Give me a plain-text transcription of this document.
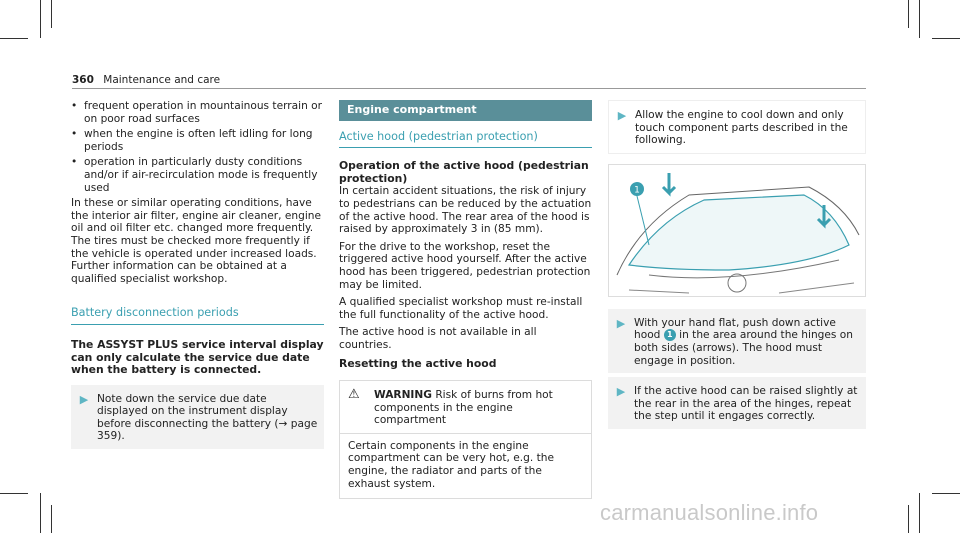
360 Maintenance and care
• frequent operation in mountainous terrain or on poor road surfaces
• when the engine is often left idling for long periods
• operation in particularly dusty conditions and/or if air-recirculation mode is frequently used

In these or similar operating conditions, have the interior air filter, engine air cleaner, engine oil and oil filter etc. changed more frequently. The tires must be checked more frequently if the vehicle is operated under increased loads. Further information can be obtained at a qualified specialist workshop.

Battery disconnection periods
The ASSYST PLUS service interval display can only calculate the service due date when the battery is connected.
▶ Note down the service due date displayed on the instrument display before disconnecting the battery (→ page 359).
Engine compartment
Active hood (pedestrian protection)
Operation of the active hood (pedestrian protection)

In certain accident situations, the risk of injury to pedestrians can be reduced by the actuation of the active hood. The rear area of the hood is raised by approximately 3 in (85 mm).

For the drive to the workshop, reset the triggered active hood yourself. After the active hood has been triggered, pedestrian protection may be limited.

A qualified specialist workshop must re-install the full functionality of the active hood.

The active hood is not available in all countries.

Resetting the active hood
⚠	WARNING Risk of burns from hot components in the engine compartment
Certain components in the engine compartment can be very hot, e.g. the engine, the radiator and parts of the exhaust system.
▶ Allow the engine to cool down and only touch component parts described in the following.
1
▶ With your hand flat, push down active hood 1 in the area around the hinges on both sides (arrows). The hood must engage in position.
▶ If the active hood can be raised slightly at the rear in the area of the hinges, repeat the step until it engages correctly.
carmanualsonline.info
